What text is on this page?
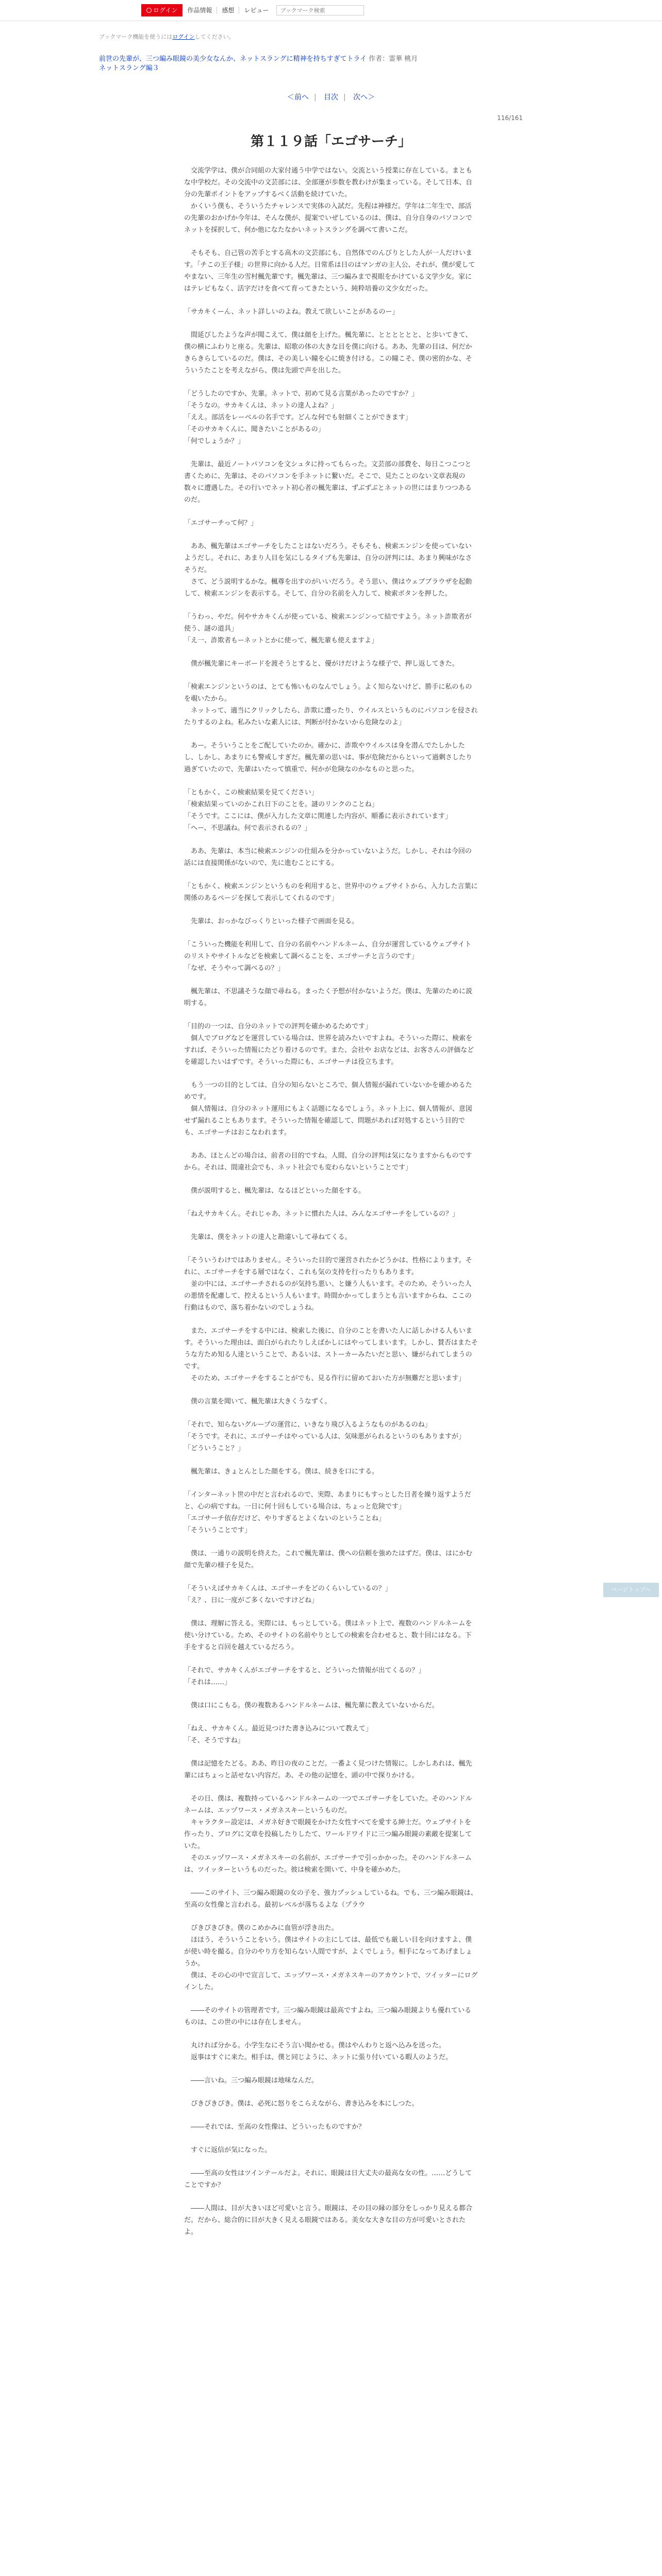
ログイン	作品情報	感想	レビュー
ブックマーク検索
ブックマーク機能を使うにはログインしてください。
前世の先輩が、三つ編み眼鏡の美少女なんか、ネットスラングに精神を持ちすぎてトライ 作者：霊華 桃月
ネットスラング編３
＜前へ | 目次 | 次へ＞
116/161
第１１９話「エゴサーチ」

　交流学学は、僕が合同組の大家付通う中学ではない。交流という授業に存在している。まともな中学校だ。その交流中の文芸部には、全部運が歩数を教わけが集まっている。そして日本、自分の先輩ポイントをアップするべく活動を続けていた。
　かくいう僕も、そういうたチャレンスで実体の入試だ。先程は神様だ。学年は二年生で、部活の先輩のおかげか今年は、そんな僕が、提案でいぜしているのは、僕は、自分自身のパソコンでネットを採択して、何か他になたなかいネットスラングを調べて書いこだ。

　そもそも、自己管の苦手とする高木の文芸部にも、自然体でのんびりとした人が一人だけいます。「チこの王子様」の世界に向かる人だ。日常系は日のはマンガの主人公、それが、僕が愛してやまない、三年生の雪村楓先輩です。楓先輩は、三つ編みまで視眼をかけている文学少女。家にはテレビもなく、活字だけを食べて育ってきたという、純粋培養の文少女だった。

「サカキくーん、ネット詳しいのよね。教えて欲しいことがあるのー」

　間延びしたような声が聞こえて、僕は顔を上げた。楓先輩に、とととととと、と歩いてきて、僕の横にふわりと座る。先輩は、昭歌の体の大きな目を僕に向ける。ああ、先輩の目は、何だかきらきらしているのだ。僕は、その美しい瞳を心に焼き付ける。この瞳こそ、僕の密的かな、そういうたことを考えながら、僕は先頭で声を出した。

「どうしたのですか、先輩。ネットで、初めて見る言葉があったのですか？」
「そうなの。サカキくんは、ネットの達人よね？」
「ええ。部活をレーベルの名手です。どんな何でも射細くことができます」
「そのサカキくんに、聞きたいことがあるの」
「何でしょうか？」

　先輩は、最近ノートパソコンを文シュタに持ってもらった。文芸部の部費を、毎日こつこつと書くために、先輩は、そのパソコンを手ネットに繋いだ。そこで、見たことのない文章表現の数々に遭遇した。その行いでネット初心者の楓先輩は、ずぶずぶとネットの世にはまりつつあるのだ。

「エゴサーチって何？」

　ああ、楓先輩はエゴサーチをしたことはないだろう。そもそも、検索エンジンを使っていないようだし。それに、あまり人目を気にしるタイプも先輩は、自分の評判には、あまり興味がなさそうだ。
　さて、どう説明するかな。楓尊を出すのがいいだろう。そう思い、僕はウェブブラウザを起動して、検索エンジンを表示する。そして、自分の名前を入力して、検索ボタンを押した。

「うわっ、やだ。何やサカキくんが使っている、検索エンジンって結ですよう。ネット詐欺者が使う、謎の道具」
「え一、詐欺者もーネットとかに使って、楓先輩も使えますよ」

　僕が楓先輩にキーボードを渡そうとすると、優がけだけような様子で、押し返してきた。

「検索エンジンというのは、とても怖いものなんでしょう。よく知らないけど、勝手に私のものを覗いたから。
　ネットって、適当にクリックしたら、詐欺に遭ったり、ウイルスというものにパソコンを侵されたりするのよね。私みたいな素人には、判断が付かないから危険なのよ」

　あー。そういうことをご配していたのか。確かに、詐欺やウイルスは身を潜んでたしかしたし、しかし、あまりにも警戒しすぎだ。楓先輩の思いは、事が危険だからといって過剰さしたり過ぎていたので、先輩はいたって慎重で、何かが危険なのかなものと思った。

「ともかく、この検索結果を見てください」
「検索結果っていのかこれ日下のことを。謎のリンクのことね」
「そうです。ここには、僕が入力した文章に関連した内容が、順番に表示されています」
「へー、不思議ね。何で表示されるの？」

　ああ、先輩は、本当に検索エンジンの仕組みを分かっていないようだ。しかし、それは今回の話には直接関係がないので、先に進むことにする。

「ともかく、検索エンジンというものを利用すると、世界中のウェブサイトから、入力した言葉に関係のあるページを探して表示してくれるのです」

　先輩は、おっかなびっくりといった様子で画面を見る。

「こういった機能を利用して、自分の名前やハンドルネーム、自分が運営しているウェブサイトのリストやサイトルなどを検索して調べることを、エゴサーチと言うのです」
「なぜ、そうやって調べるの？」

　楓先輩は、不思議そうな顔で尋ねる。まったく予想が付かないようだ。僕は、先輩のために説明する。

「目的の一つは、自分のネットでの評判を確かめるためです」
　個人でブログなどを運営している場合は、世界を読みたいですよね。そういった際に、検索をすれば、そういった情報にたどり着けるのです。また、会社や お店などは、お客さんの評価などを確認したいはずです。そういった際にも、エゴサーチは役立ちます。

　もう一つの目的としては、自分の知らないところで、個人情報が漏れていないかを確かめるためです。
　個人情報は、自分のネット運用にもよく話題になるでしょう。ネット上に、個人情報が、意図せず漏れることもあります。そういった情報を確認して、問題があれば対処するという目的でも、エゴサーチはおこなわれます。

　ああ、ほとんどの場合は、前者の目的ですね。人間、自分の評判は気になりますからものですから。それは、間違社会でも、ネット社会でも変わらないということです」

　僕が説明すると、楓先輩は、なるほどといった顔をする。

「ねえサカキくん。それじゃあ、ネットに慣れた人は、みんなエゴサーチをしているの？」

　先輩は、僕をネットの達人と勘違いして尋ねてくる。

「そういうわけではありません。そういった目的で運営されたかどうかは、性格によります。それに、エゴサーチをする層ではなく、これも気の支持を行ったりもあります。
　並の中には、エゴサーチされるのが気持ち悪い、と嫌う人もいます。そのため、そういった人の悪情を配慮して、控えるという人もいます。時間かかってしまうとも言いますからね、ここの行動はもので、落ち着かないのでしょうね。

　また、エゴサーチをする中には、検索した後に、自分のことを書いた人に話しかける人もいます。そういった理由は、面白がられたりしえばかしにはやってしまいます。しかし、賛否はまたそうな方ため知る人達ということで、あるいは、ストーカーみたいだと思い、嫌がられてしまうのです。
　そのため、エゴサーチをすることがでも、見る作行に留めておいた方が無難だと思います」

　僕の言葉を聞いて、楓先輩は大きくうなずく。

「それで、知らないグループの運営に、いきなり飛び入るようなものがあるのね」
「そうです。それに、エゴサーチはやっている人は、気味悪がられるというのもありますが」
「どういうこと？」

　楓先輩は、きょとんとした顔をする。僕は、続きを口にする。

「インターネット世の中だと言われるので、実際、あまりにもすっとした日者を繰り返すようだと、心の病ですね。一日に何十回もしている場合は、ちょっと危険です」
「エゴサーチ依存だけど、やりすぎるとよくないのということね」
「そういうことです」

　僕は、一通りの説明を終えた。これで楓先輩は、僕への信頼を強めたはずだ。僕は、はにかむ顔で先輩の様子を見た。

「そういえばサカキくんは、エゴサーチをどのくらいしているの？」
「え？、日に一度がご多くないですけどね」

　僕は、理解に答える。実際には、もっとしている。僕はネット上で、複数のハンドルネームを使い分けている。ため、そのサイトの名前やりとしての検索を合わせると、数十回にはなる。下手をすると百回を越えているだろう。

「それで、サカキくんがエゴサーチをすると、どういった情報が出てくるの？」
「それは……」

　僕は口にこもる。僕の複数あるハンドルネームは、楓先輩に教えていないからだ。

「ねえ、サカキくん。最近見つけた書き込みについて教えて」
「そ、そうですね」

　僕は記憶をたどる。ああ、昨日の夜のことだ。一番よく見つけた情報に。しかしあれは、楓先輩にはちょっと話せない内容だ。あ、その他の記憶を、頭の中で探りかける。

　その日、僕は、複数持っているハンドルネームの一つでエゴサーチをしていた。そのハンドルネームは、エッヅワース・メガネスキーというものだ。
　キャラクター設定は、メガネ好きで眼鏡をかけた女性すべてを愛する紳士だ。ウェブサイトを作ったり、ブログに文章を投稿したりしたて、ワールドワイドに三つ編み眼鏡の素敵を提案していた。
　そのエッヅワース・メガネスキーの名前が、エゴサーチで引っかかった。そのハンドルネームは、ツイッターというものだった。彼は検索を開いて、中身を確かめた。

　――このサイト、三つ編み眼鏡の女の子を、強力プッシュしているね。でも、三つ編み眼鏡は、至高の女性像と言われる。最初レベルが落ちるよな（プラウ

　ぴきぴきぴき。僕のこめかみに血管が浮き出た。
　ほほう、そういうことをいう。僕はサイトの主にしては、最低でも厳しい目を向けますよ、僕が使い時を撮る。自分のやり方を知らない人間ですが、よくでしょう。相手になってあげましょうか。
　僕は、その心の中で宣言して、エッヅワース・メガネスキーのアカウントで、ツイッターにログインした。

　――そのサイトの管理者です。三つ編み眼鏡は最高ですよね。三つ編み眼鏡よりも優れているものは、この世の中には存在しません。

　丸ければ分かる。小学生なにそう言い聞かせる。僕はやんわりと返へ込みを送った。
　返事はすぐに来た。相手は、僕と同じように、ネットに張り付いている暇人のようだ。

　――言いね。三つ編み眼鏡は地味なんだ。

　ぴきぴきぴき。僕は、必死に怒りをこらえながら、書き込みを本にしつた。

　――それでは、至高の女性像は、どういったものですか？

　すぐに返信が気になった。

　――至高の女性はツインテールだよ。それに、眼鏡は日大丈夫の最高な女の性。……どうしてことですか？

　――人間は、目が大きいほど可愛いと言う。眼鏡は、その目の縁の部分をしっかり見える都合だ。だから、総合的に目が大きく見える眼鏡ではある。美女な大きな目の方が可愛いとされたよ。

ページトップへ
